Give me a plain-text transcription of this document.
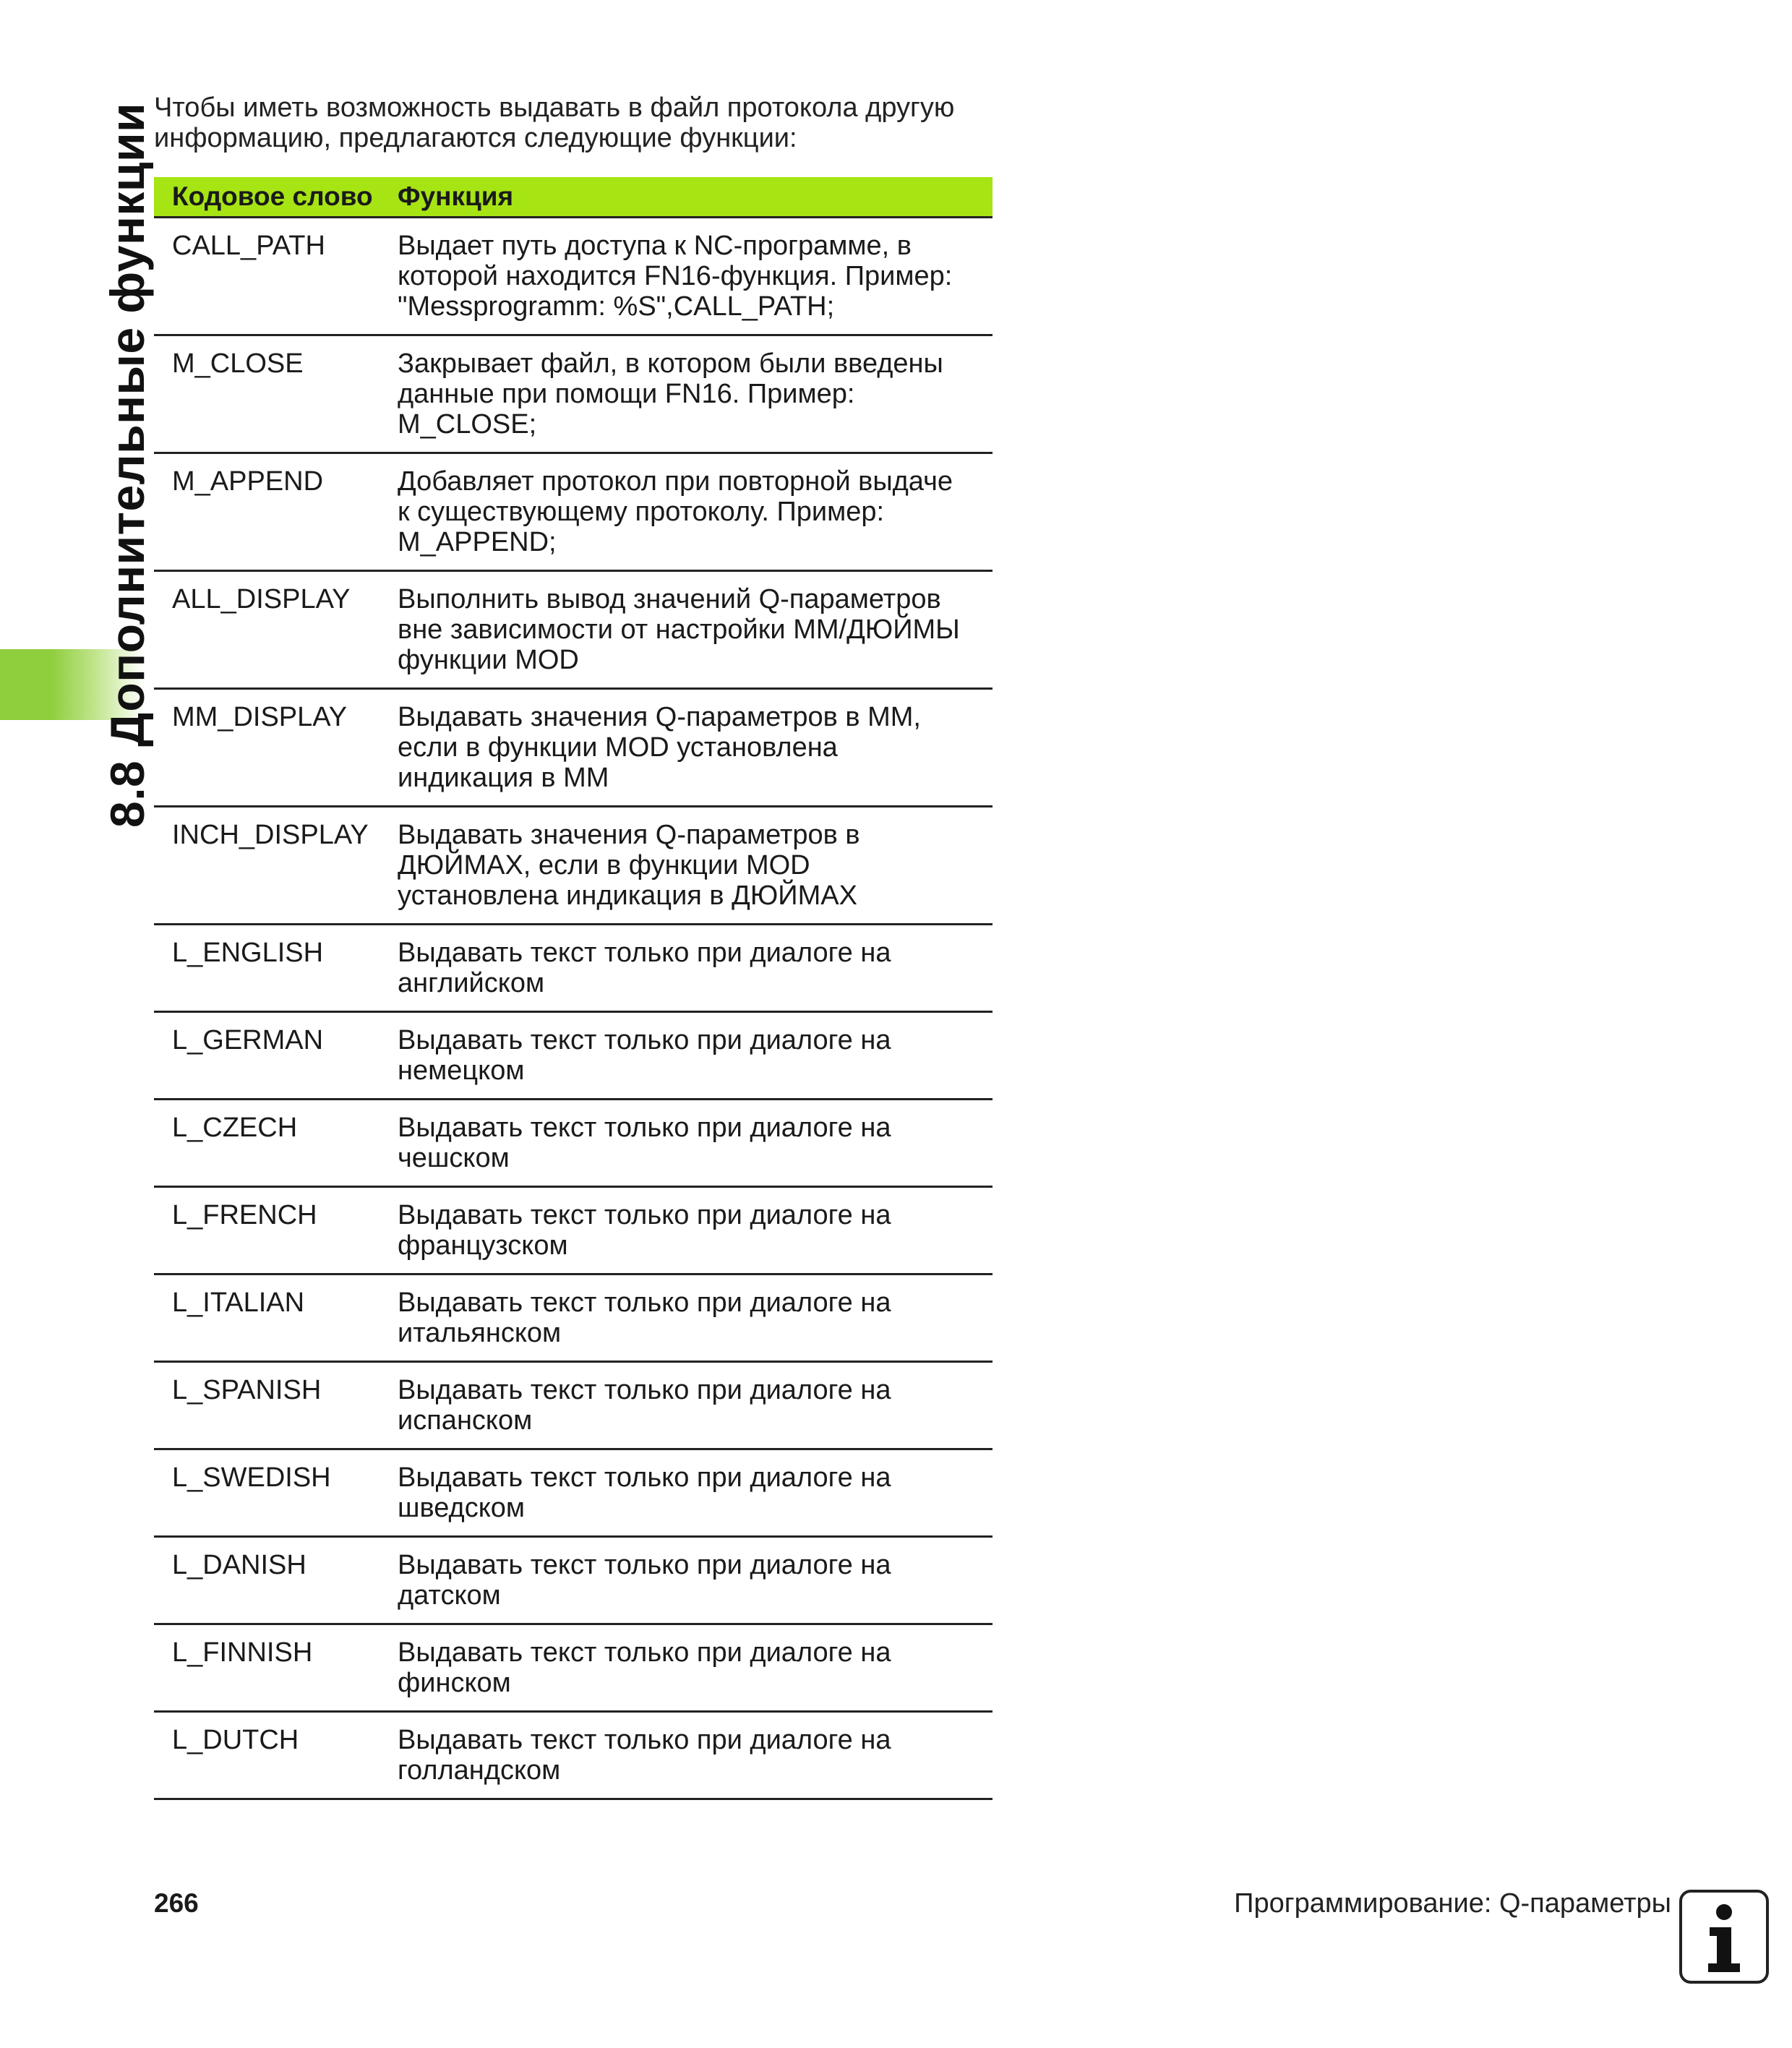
8.8 Дополнительные функции Чтобы иметь возможность выдавать в файл протокола другую
информацию, предлагаются следующие функции:
Кодовое слово Функция
CALL_PATH	Выдает путь доступа к NC-программе, в
которой находится FN16-функция. Пример:
"Messprogramm: %S",CALL_PATH;
M_CLOSE	Закрывает файл, в котором были введены
данные при помощи FN16. Пример:
M_CLOSE;
M_APPEND	Добавляет протокол при повторной выдаче
к существующему протоколу. Пример:
M_APPEND;
ALL_DISPLAY	Выполнить вывод значений Q-параметров
вне зависимости от настройки ММ/ДЮЙМЫ
функции MOD
MM_DISPLAY	Выдавать значения Q-параметров в ММ,
если в функции MOD установлена
индикация в ММ
INCH_DISPLAY	Выдавать значения Q-параметров в
ДЮЙМАХ, если в функции MOD
установлена индикация в ДЮЙМАХ
L_ENGLISH	Выдавать текст только при диалоге на
английском
L_GERMAN	Выдавать текст только при диалоге на
немецком
L_CZECH	Выдавать текст только при диалоге на
чешском
L_FRENCH	Выдавать текст только при диалоге на
французском
L_ITALIAN	Выдавать текст только при диалоге на
итальянском
L_SPANISH	Выдавать текст только при диалоге на
испанском
L_SWEDISH	Выдавать текст только при диалоге на
шведском
L_DANISH	Выдавать текст только при диалоге на
датском
L_FINNISH	Выдавать текст только при диалоге на
финском
L_DUTCH	Выдавать текст только при диалоге на
голландском
266	Программирование: Q-параметры
